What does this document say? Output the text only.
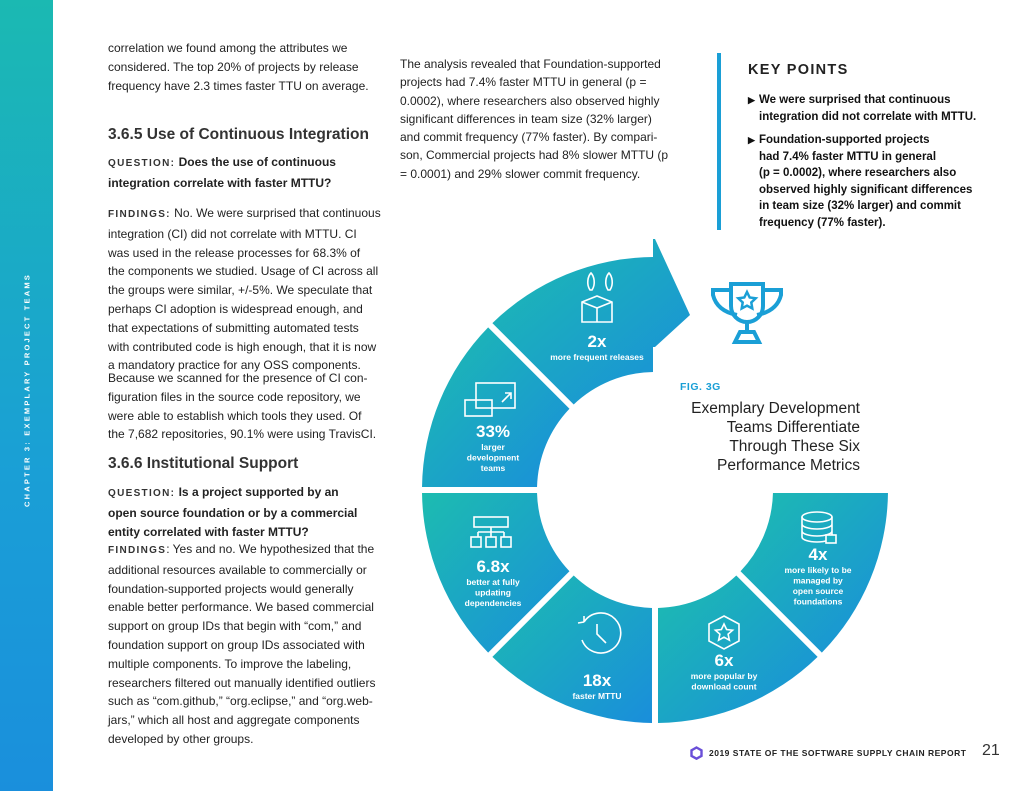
CHAPTER 3: EXEMPLARY PROJECT TEAMS
correlation we found among the attributes we
considered. The top 20% of projects by release
frequency have 2.3 times faster TTU on average.
3.6.5 Use of Continuous Integration
QUESTION: Does the use of continuous
integration correlate with faster MTTU?
FINDINGS: No. We were surprised that continuous
integration (CI) did not correlate with MTTU. CI
was used in the release processes for 68.3% of
the components we studied. Usage of CI across all
the groups were similar, +/-5%. We speculate that
perhaps CI adoption is widespread enough, and
that expectations of submitting automated tests
with contributed code is high enough, that it is now
a mandatory practice for any OSS components.
Because we scanned for the presence of CI con-
figuration files in the source code repository, we
were able to establish which tools they used. Of
the 7,682 repositories, 90.1% were using TravisCI.
3.6.6 Institutional Support
QUESTION: Is a project supported by an
open source foundation or by a commercial
entity correlated with faster MTTU?
FINDINGS: Yes and no. We hypothesized that the
additional resources available to commercially or
foundation-supported projects would generally
enable better performance. We based commercial
support on group IDs that begin with “com,” and
foundation support on group IDs associated with
multiple components. To improve the labeling,
researchers filtered out manually identified outliers
such as “com.github,” “org.eclipse,” and “org.web-
jars,” which all host and aggregate components
developed by other groups.
The analysis revealed that Foundation-supported
projects had 7.4% faster MTTU in general (p =
0.0002), where researchers also observed highly
significant differences in team size (32% larger)
and commit frequency (77% faster). By compari-
son, Commercial projects had 8% slower MTTU (p
= 0.0001) and 29% slower commit frequency.
KEY POINTS
▶ We were surprised that continuous
integration did not correlate with MTTU.
▶ Foundation-supported projects
had 7.4% faster MTTU in general
(p = 0.0002), where researchers also
observed highly significant differences
in team size (32% larger) and commit
frequency (77% faster).
2x
more frequent releases
33%
larger
development
teams
6.8x
better at fully
updating
dependencies
18x
faster MTTU
6x
more popular by
download count
4x
more likely to be
managed by
open source
foundations
FIG. 3G
Exemplary Development
Teams Differentiate
Through These Six
Performance Metrics
2019 STATE OF THE SOFTWARE SUPPLY CHAIN REPORT 21
